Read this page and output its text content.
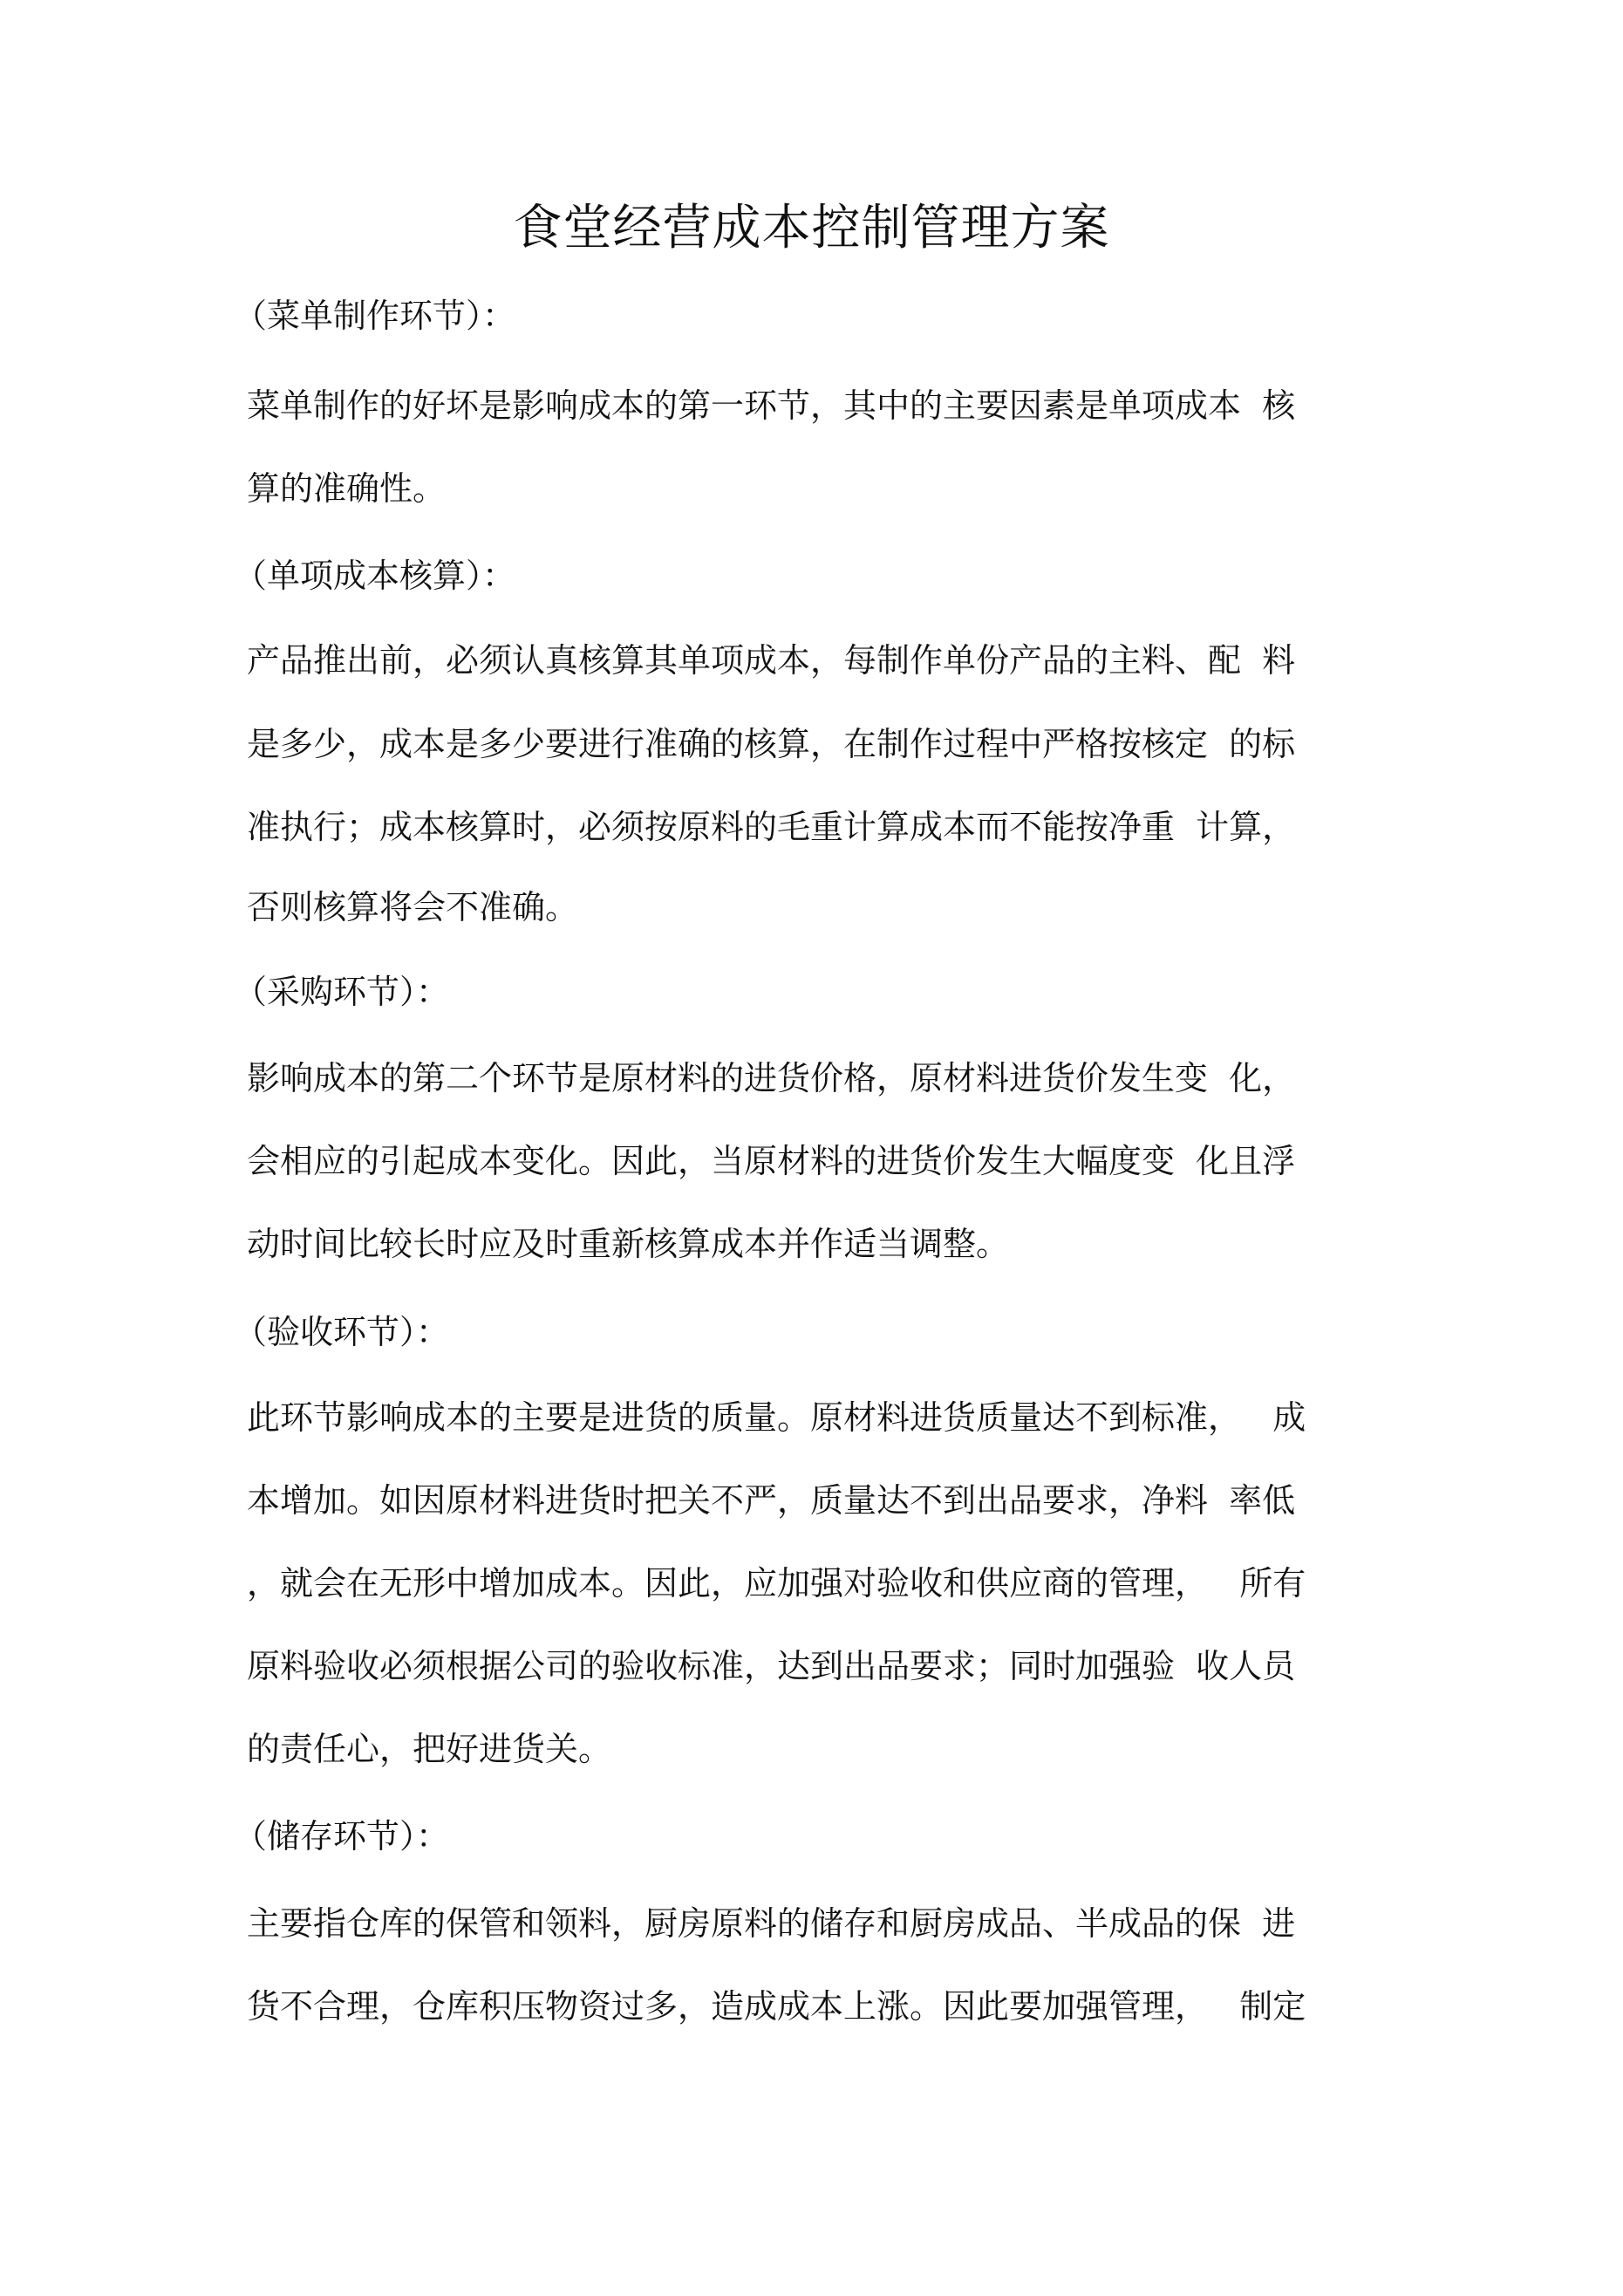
食堂经营成本控制管理方案
（菜单制作环节）：
菜单制作的好坏是影响成本的第一环节，其中的主要因素是单项成本  核
算的准确性。
（单项成本核算）：
产品推出前，必须认真核算其单项成本，每制作单份产品的主料、配  料
是多少，成本是多少要进行准确的核算，在制作过程中严格按核定  的标
准执行；成本核算时，必须按原料的毛重计算成本而不能按净重  计算，
否则核算将会不准确。
（采购环节）：
影响成本的第二个环节是原材料的进货价格，原材料进货价发生变  化，
会相应的引起成本变化。因此，当原材料的进货价发生大幅度变  化且浮
动时间比较长时应及时重新核算成本并作适当调整。
（验收环节）：
此环节影响成本的主要是进货的质量。原材料进货质量达不到标准，   成
本增加。如因原材料进货时把关不严，质量达不到出品要求，净料  率低
，就会在无形中增加成本。因此，应加强对验收和供应商的管理，   所有
原料验收必须根据公司的验收标准，达到出品要求；同时加强验  收人员
的责任心，把好进货关。
（储存环节）：
主要指仓库的保管和领料，厨房原料的储存和厨房成品、半成品的保  进
货不合理，仓库积压物资过多，造成成本上涨。因此要加强管理，   制定
